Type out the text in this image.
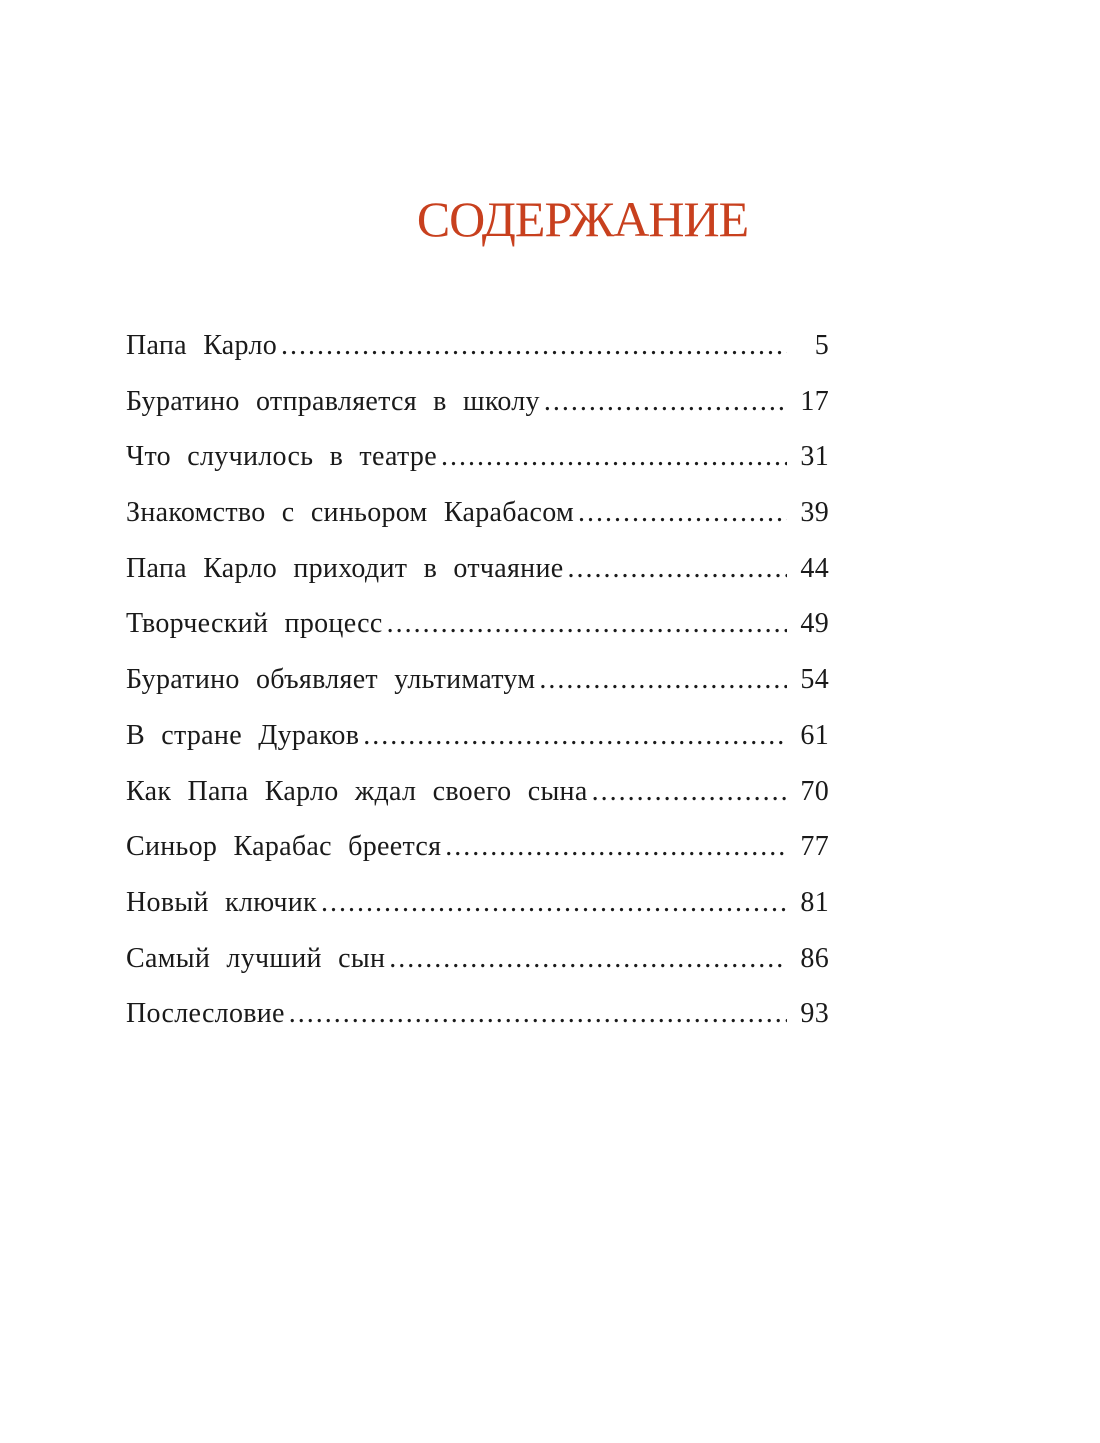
СОДЕРЖАНИЕ
Папа Карло .....	5
Буратино отправляется в школу .....	17
Что случилось в театре .....	31
Знакомство с синьором Карабасом .....	39
Папа Карло приходит в отчаяние .....	44
Творческий процесс .....	49
Буратино объявляет ультиматум .....	54
В стране Дураков .....	61
Как Папа Карло ждал своего сына .....	70
Синьор Карабас бреется .....	77
Новый ключик .....	81
Самый лучший сын .....	86
Послесловие .....	93
